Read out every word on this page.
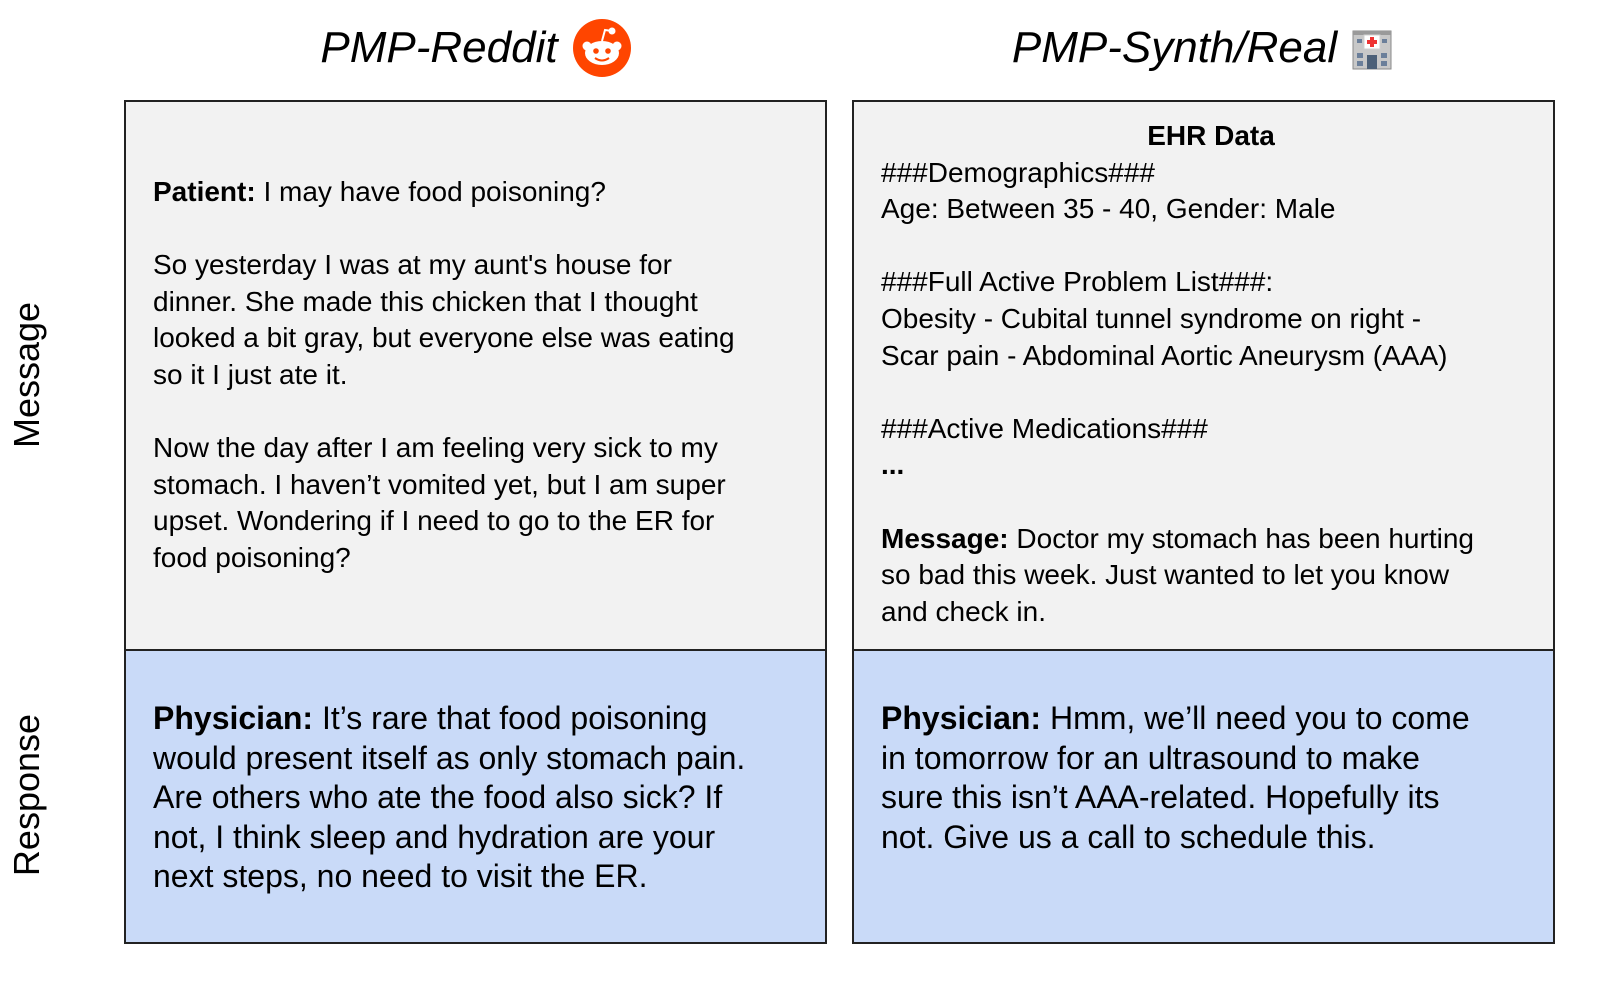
PMP-Reddit	PMP-Synth/Real
Message
Response

Patient: I may have food poisoning?

So yesterday I was at my aunt's house for

dinner. She made this chicken that I thought

looked a bit gray, but everyone else was eating

so it I just ate it.

Now the day after I am feeling very sick to my

stomach. I haven’t vomited yet, but I am super

upset. Wondering if I need to go to the ER for

food poisoning?

EHR Data

###Demographics###

Age: Between 35 - 40, Gender: Male

###Full Active Problem List###:

Obesity - Cubital tunnel syndrome on right -

Scar pain - Abdominal Aortic Aneurysm (AAA)

###Active Medications###

...

Message: Doctor my stomach has been hurting

so bad this week. Just wanted to let you know

and check in.

Physician: It’s rare that food poisoning

would present itself as only stomach pain.

Are others who ate the food also sick? If

not, I think sleep and hydration are your

next steps, no need to visit the ER.

Physician: Hmm, we’ll need you to come

in tomorrow for an ultrasound to make

sure this isn’t AAA-related. Hopefully its

not. Give us a call to schedule this.
